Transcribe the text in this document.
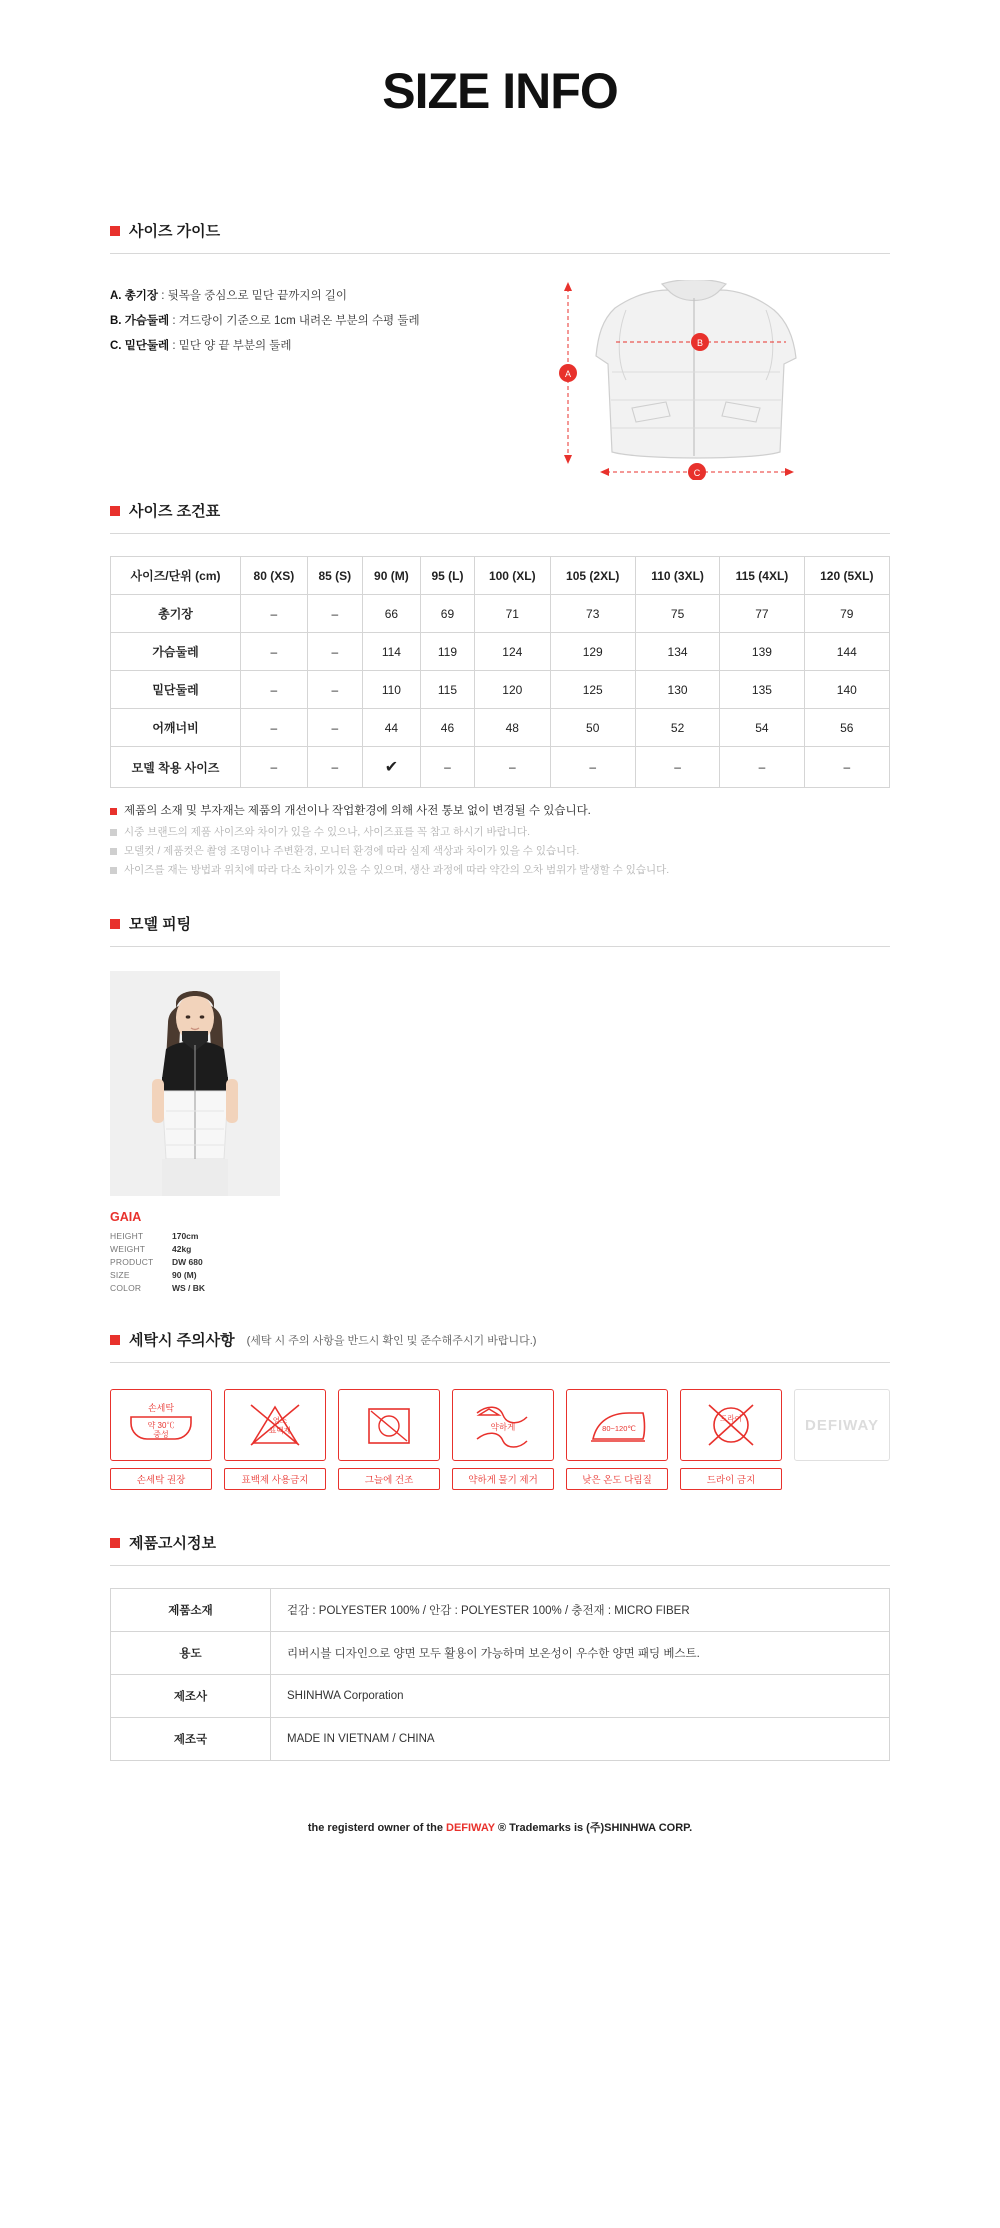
SIZE INFO
사이즈 가이드

A. 총기장 : 뒷목을 중심으로 밑단 끝까지의 길이

B. 가슴둘레 : 겨드랑이 기준으로 1cm 내려온 부분의 수평 둘레

C. 밑단둘레 : 밑단 양 끝 부분의 둘레

A
B
C
사이즈 조건표
사이즈/단위 (cm)	80 (XS)	85 (S)	90 (M)	95 (L)	100 (XL)	105 (2XL)	110 (3XL)	115 (4XL)	120 (5XL)
총기장	–	–	66	69	71	73	75	77	79
가슴둘레	–	–	114	119	124	129	134	139	144
밑단둘레	–	–	110	115	120	125	130	135	140
어깨너비	–	–	44	46	48	50	52	54	56
모델 착용 사이즈	–	–	✔	–	–	–	–	–	–
제품의 소재 및 부자재는 제품의 개선이나 작업환경에 의해 사전 통보 없이 변경될 수 있습니다.
시중 브랜드의 제품 사이즈와 차이가 있을 수 있으나, 사이즈표를 꼭 참고 하시기 바랍니다.
모델컷 / 제품컷은 촬영 조명이나 주변환경, 모니터 환경에 따라 실제 색상과 차이가 있을 수 있습니다.
사이즈를 재는 방법과 위치에 따라 다소 차이가 있을 수 있으며, 생산 과정에 따라 약간의 오차 범위가 발생할 수 있습니다.
모델 피팅
GAIA
HEIGHT	170cm
WEIGHT	42kg
PRODUCT	DW 680
SIZE	90 (M)
COLOR	WS / BK
세탁시 주의사항 (세탁 시 주의 사항을 반드시 확인 및 준수해주시기 바랍니다.)
손세탁
약 30℃
중성
손세탁 권장
염소
표백제
표백제 사용금지	그늘에 건조
약하게
약하게 물기 제거
80~120℃
낮은 온도 다림질
드라이
드라이 금지
DEFIWAY
제품고시정보
제품소재	겉감 : POLYESTER 100% / 안감 : POLYESTER 100% / 충전재 : MICRO FIBER
용도	리버시블 디자인으로 양면 모두 활용이 가능하며 보온성이 우수한 양면 패딩 베스트.
제조사	SHINHWA Corporation
제조국	MADE IN VIETNAM / CHINA
the registerd owner of the DEFIWAY ® Trademarks is (주)SHINHWA CORP.
